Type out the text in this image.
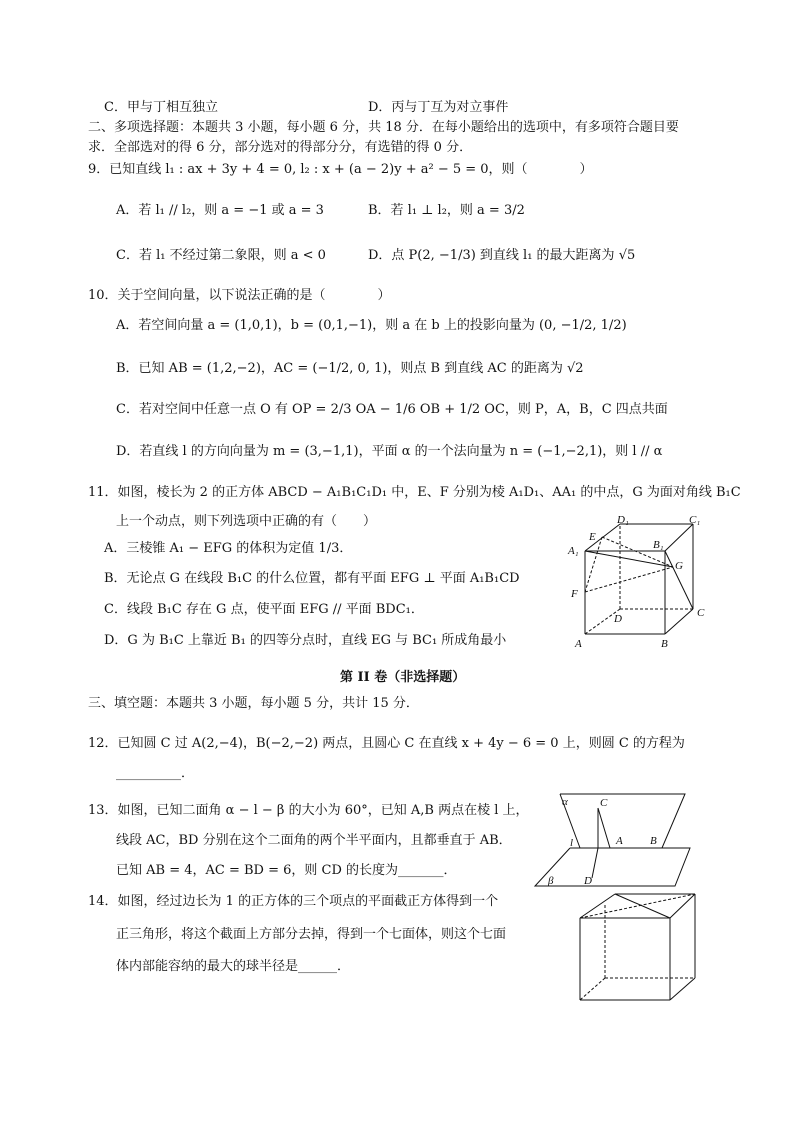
C．甲与丁相互独立	D．丙与丁互为对立事件
二、多项选择题：本题共 3 小题，每小题 6 分，共 18 分．在每小题给出的选项中，有多项符合题目要
求．全部选对的得 6 分，部分选对的得部分分，有选错的得 0 分．
9．已知直线 l₁ : ax + 3y + 4 = 0, l₂ : x + (a − 2)y + a² − 5 = 0，则（　　　　）
A．若 l₁ // l₂，则 a = −1 或 a = 3	B．若 l₁ ⊥ l₂，则 a = 3/2
C．若 l₁ 不经过第二象限，则 a < 0	D．点 P(2, −1/3) 到直线 l₁ 的最大距离为 √5
10．关于空间向量，以下说法正确的是（　　　　）
A．若空间向量 a = (1,0,1)，b = (0,1,−1)，则 a 在 b 上的投影向量为 (0, −1/2, 1/2)
B．已知 AB = (1,2,−2)，AC = (−1/2, 0, 1)，则点 B 到直线 AC 的距离为 √2
C．若对空间中任意一点 O 有 OP = 2/3 OA − 1/6 OB + 1/2 OC，则 P，A，B，C 四点共面
D．若直线 l 的方向向量为 m = (3,−1,1)，平面 α 的一个法向量为 n = (−1,−2,1)，则 l // α
11．如图，棱长为 2 的正方体 ABCD − A₁B₁C₁D₁ 中，E、F 分别为棱 A₁D₁、AA₁ 的中点，G 为面对角线 B₁C
上一个动点，则下列选项中正确的有（　　）
A．三棱锥 A₁ − EFG 的体积为定值 1/3．
B．无论点 G 在线段 B₁C 的什么位置，都有平面 EFG ⊥ 平面 A₁B₁CD
C．线段 B₁C 存在 G 点，使平面 EFG // 平面 BDC₁．
D．G 为 B₁C 上靠近 B₁ 的四等分点时，直线 EG 与 BC₁ 所成角最小
D₁	C₁
A₁
E
B₁
G
F
D	C
A	B
第 II 卷（非选择题）
三、填空题：本题共 3 小题，每小题 5 分，共计 15 分．
12．已知圆 C 过 A(2,−4)，B(−2,−2) 两点，且圆心 C 在直线 x + 4y − 6 = 0 上，则圆 C 的方程为
__________．
13．如图，已知二面角 α − l − β 的大小为 60°，已知 A,B 两点在棱 l 上，
线段 AC，BD 分别在这个二面角的两个半平面内，且都垂直于 AB．
已知 AB = 4，AC = BD = 6，则 CD 的长度为_______．
α	C
l	A B
D
β
14．如图，经过边长为 1 的正方体的三个项点的平面截正方体得到一个
正三角形，将这个截面上方部分去掉，得到一个七面体，则这个七面
体内部能容纳的最大的球半径是______．
